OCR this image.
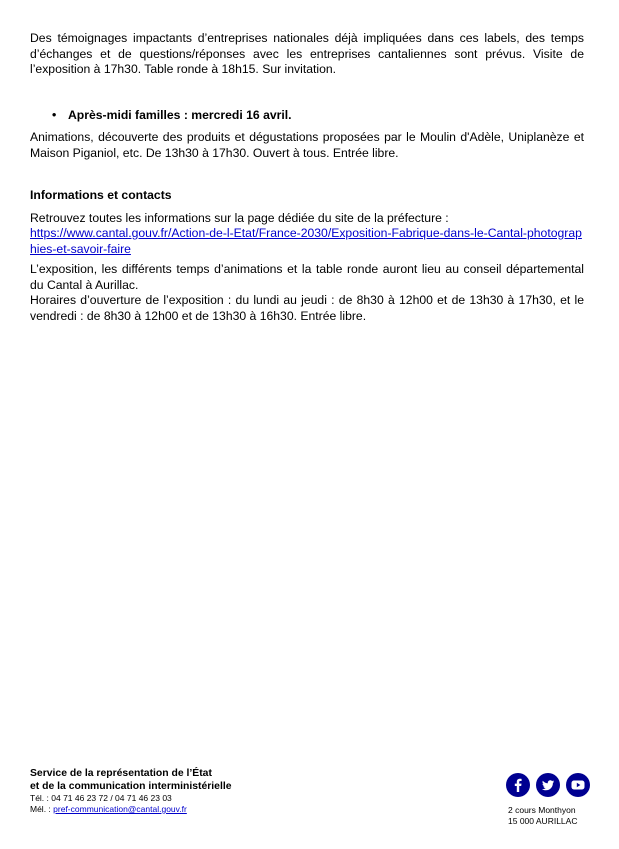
Des témoignages impactants d’entreprises nationales déjà impliquées dans ces labels, des temps d’échanges et de questions/réponses avec les entreprises cantaliennes sont prévus. Visite de l’exposition à 17h30. Table ronde à 18h15. Sur invitation.

• Après-midi familles : mercredi 16 avril.

Animations, découverte des produits et dégustations proposées par le Moulin d'Adèle, Uniplanèze et Maison Piganiol, etc. De 13h30 à 17h30. Ouvert à tous. Entrée libre.

Informations et contacts

Retrouvez toutes les informations sur la page dédiée du site de la préfecture :
https://www.cantal.gouv.fr/Action-de-l-Etat/France-2030/Exposition-Fabrique-dans-le-Cantal-photographies-et-savoir-faire

L’exposition, les différents temps d’animations et la table ronde auront lieu au conseil départemental du Cantal à Aurillac.

Horaires d’ouverture de l’exposition : du lundi au jeudi : de 8h30 à 12h00 et de 13h30 à 17h30, et le vendredi : de 8h30 à 12h00 et de 13h30 à 16h30. Entrée libre.

Service de la représentation de l’État
et de la communication interministérielle
Tél. : 04 71 46 23 72 / 04 71 46 23 03
Mél. : pref-communication@cantal.gouv.fr	2 cours Monthyon
15 000 AURILLAC
